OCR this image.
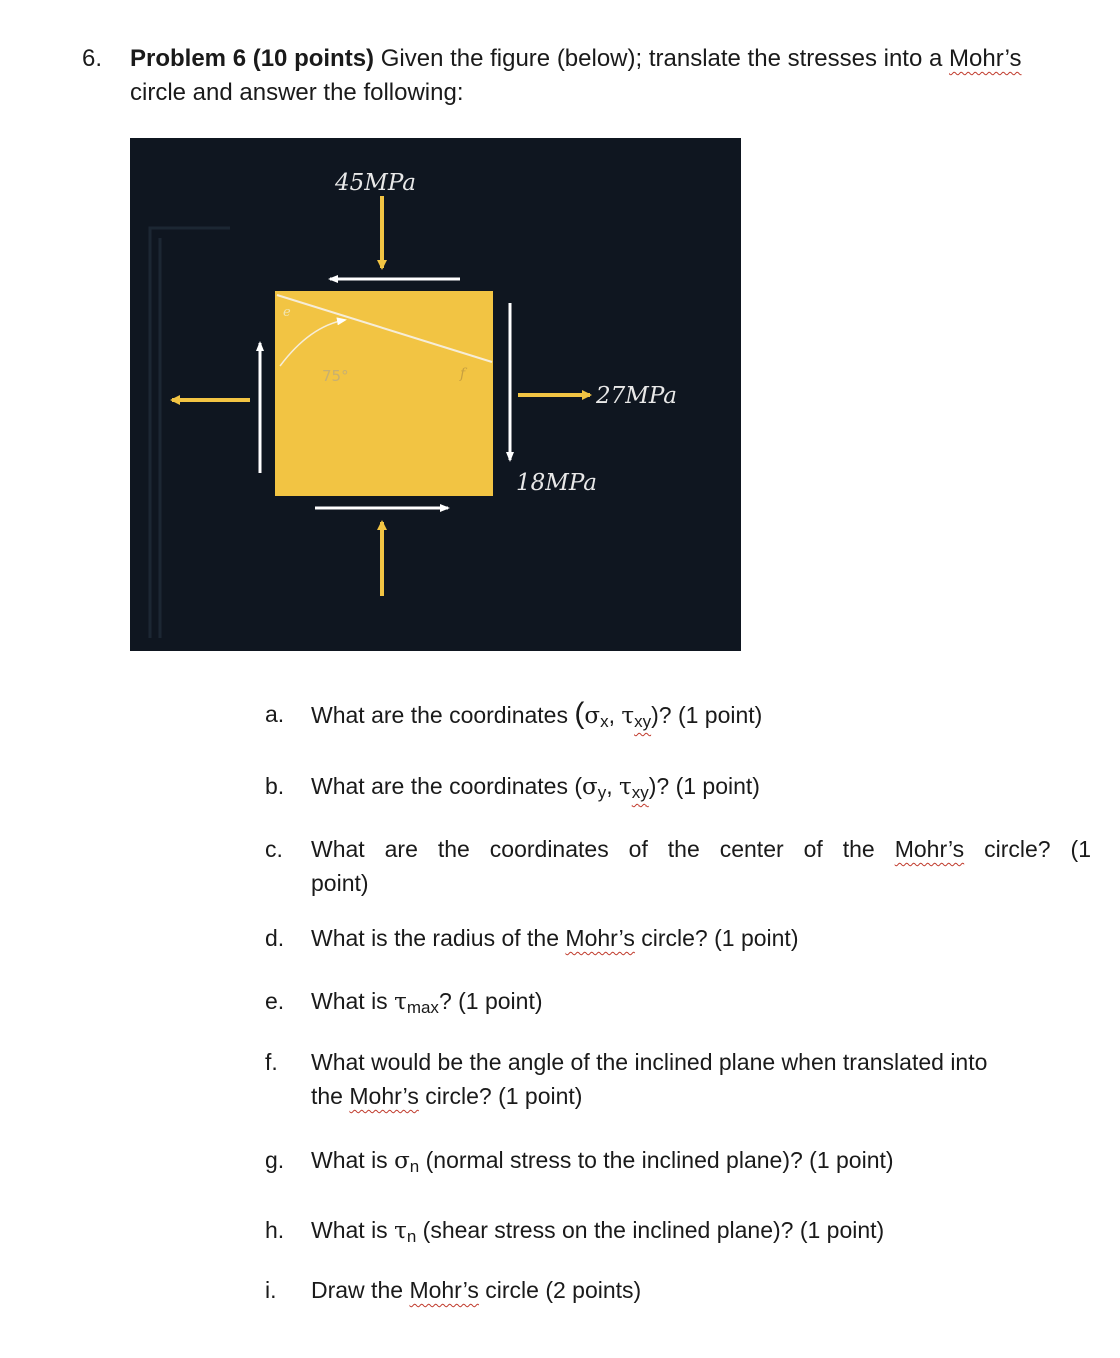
6. Problem 6 (10 points) Given the figure (below); translate the stresses into a Mohr’s
circle and answer the following:
45MPa
27MPa
18MPa
75°
e
f
a. What are the coordinates ($\sigma_x$, $\tau_{xy}$)? (1 point)
b. What are the coordinates ($\sigma_y$, $\tau_{xy}$)? (1 point)
c. What are the coordinates of the center of the Mohr’s circle? (1
point)
d. What is the radius of the Mohr’s circle? (1 point)
e. What is $\tau_{max}$? (1 point)
f. What would be the angle of the inclined plane when translated into
the Mohr’s circle? (1 point)
g. What is $\sigma_n$ (normal stress to the inclined plane)? (1 point)
h. What is $\tau_n$ (shear stress on the inclined plane)? (1 point)
i. Draw the Mohr’s circle (2 points)
